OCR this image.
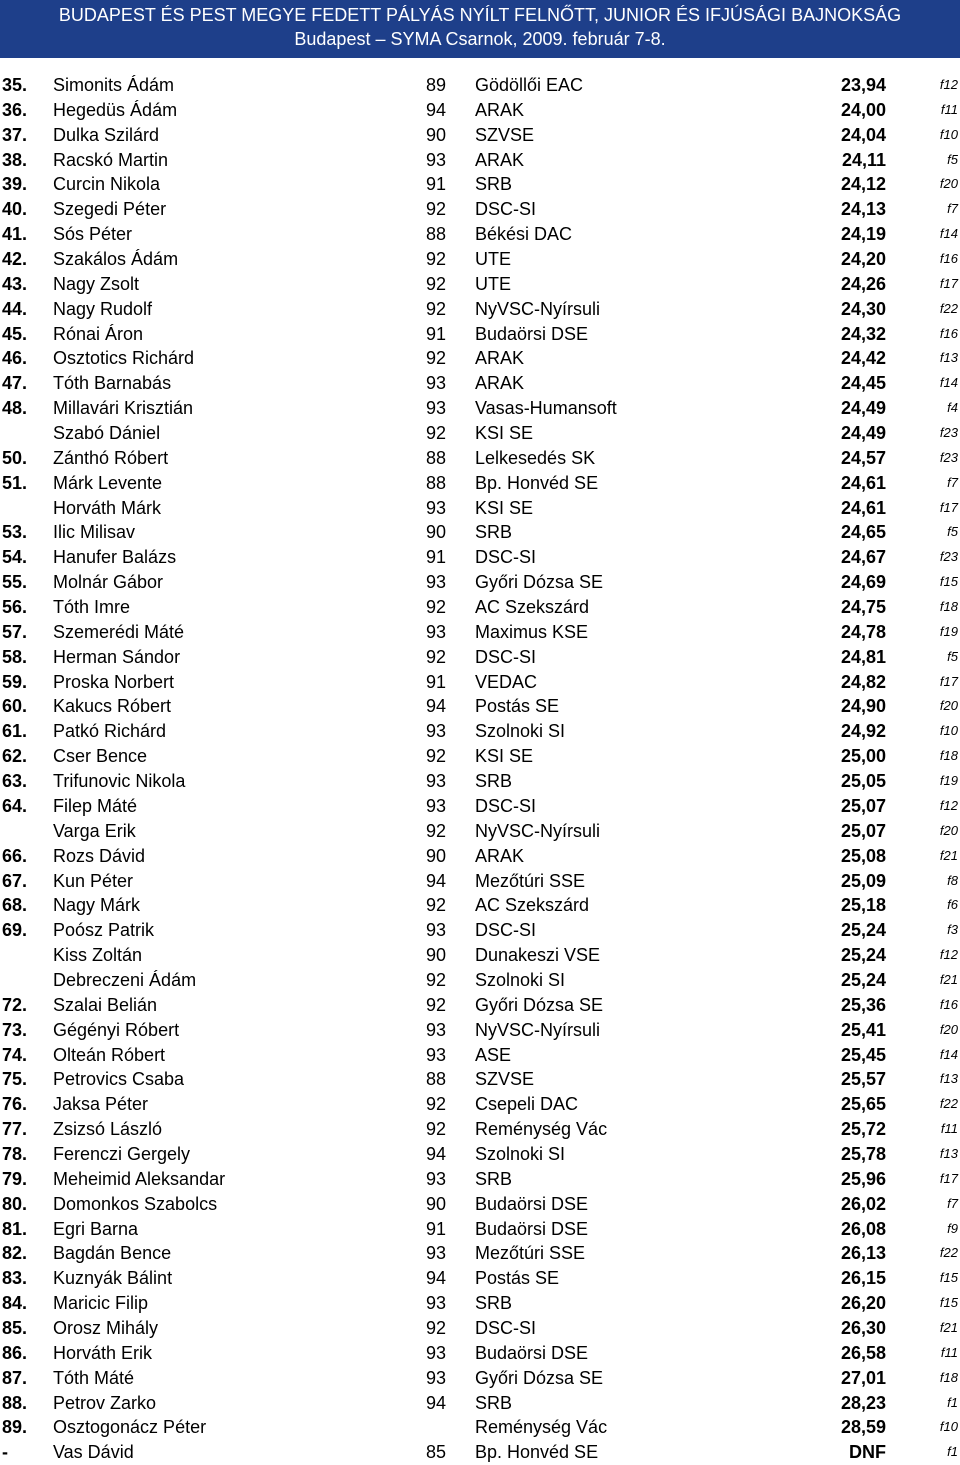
BUDAPEST ÉS PEST MEGYE FEDETT PÁLYÁS NYÍLT FELNŐTT, JUNIOR ÉS IFJÚSÁGI BAJNOKSÁG
Budapest – SYMA Csarnok, 2009. február 7-8.
35. Simonits Ádám	89 Gödöllői EAC	23,94	f12
36. Hegedüs Ádám	94 ARAK	24,00	f11
37. Dulka Szilárd	90 SZVSE	24,04	f10
38. Racskó Martin	93 ARAK	24,11	f5
39. Curcin Nikola	91 SRB	24,12	f20
40. Szegedi Péter	92 DSC-SI	24,13	f7
41. Sós Péter	88 Békési DAC	24,19	f14
42. Szakálos Ádám	92 UTE	24,20	f16
43. Nagy Zsolt	92 UTE	24,26	f17
44. Nagy Rudolf	92 NyVSC-Nyírsuli	24,30	f22
45. Rónai Áron	91 Budaörsi DSE	24,32	f16
46. Osztotics Richárd	92 ARAK	24,42	f13
47. Tóth Barnabás	93 ARAK	24,45	f14
48. Millavári Krisztián	93 Vasas-Humansoft	24,49	f4
Szabó Dániel	92 KSI SE	24,49	f23
50. Zánthó Róbert	88 Lelkesedés SK	24,57	f23
51. Márk Levente	88 Bp. Honvéd SE	24,61	f7
Horváth Márk	93 KSI SE	24,61	f17
53. Ilic Milisav	90 SRB	24,65	f5
54. Hanufer Balázs	91 DSC-SI	24,67	f23
55. Molnár Gábor	93 Győri Dózsa SE	24,69	f15
56. Tóth Imre	92 AC Szekszárd	24,75	f18
57. Szemerédi Máté	93 Maximus KSE	24,78	f19
58. Herman Sándor	92 DSC-SI	24,81	f5
59. Proska Norbert	91 VEDAC	24,82	f17
60. Kakucs Róbert	94 Postás SE	24,90	f20
61. Patkó Richárd	93 Szolnoki SI	24,92	f10
62. Cser Bence	92 KSI SE	25,00	f18
63. Trifunovic Nikola	93 SRB	25,05	f19
64. Filep Máté	93 DSC-SI	25,07	f12
Varga Erik	92 NyVSC-Nyírsuli	25,07	f20
66. Rozs Dávid	90 ARAK	25,08	f21
67. Kun Péter	94 Mezőtúri SSE	25,09	f8
68. Nagy Márk	92 AC Szekszárd	25,18	f6
69. Poósz Patrik	93 DSC-SI	25,24	f3
Kiss Zoltán	90 Dunakeszi VSE	25,24	f12
Debreczeni Ádám	92 Szolnoki SI	25,24	f21
72. Szalai Belián	92 Győri Dózsa SE	25,36	f16
73. Gégényi Róbert	93 NyVSC-Nyírsuli	25,41	f20
74. Olteán Róbert	93 ASE	25,45	f14
75. Petrovics Csaba	88 SZVSE	25,57	f13
76. Jaksa Péter	92 Csepeli DAC	25,65	f22
77. Zsizsó László	92 Reménység Vác	25,72	f11
78. Ferenczi Gergely	94 Szolnoki SI	25,78	f13
79. Meheimid Aleksandar	93 SRB	25,96	f17
80. Domonkos Szabolcs	90 Budaörsi DSE	26,02	f7
81. Egri Barna	91 Budaörsi DSE	26,08	f9
82. Bagdán Bence	93 Mezőtúri SSE	26,13	f22
83. Kuznyák Bálint	94 Postás SE	26,15	f15
84. Maricic Filip	93 SRB	26,20	f15
85. Orosz Mihály	92 DSC-SI	26,30	f21
86. Horváth Erik	93 Budaörsi DSE	26,58	f11
87. Tóth Máté	93 Győri Dózsa SE	27,01	f18
88. Petrov Zarko	94 SRB	28,23	f1
89. Osztogonácz Péter	Reménység Vác	28,59	f10
-	Vas Dávid	85 Bp. Honvéd SE	DNF	f1
